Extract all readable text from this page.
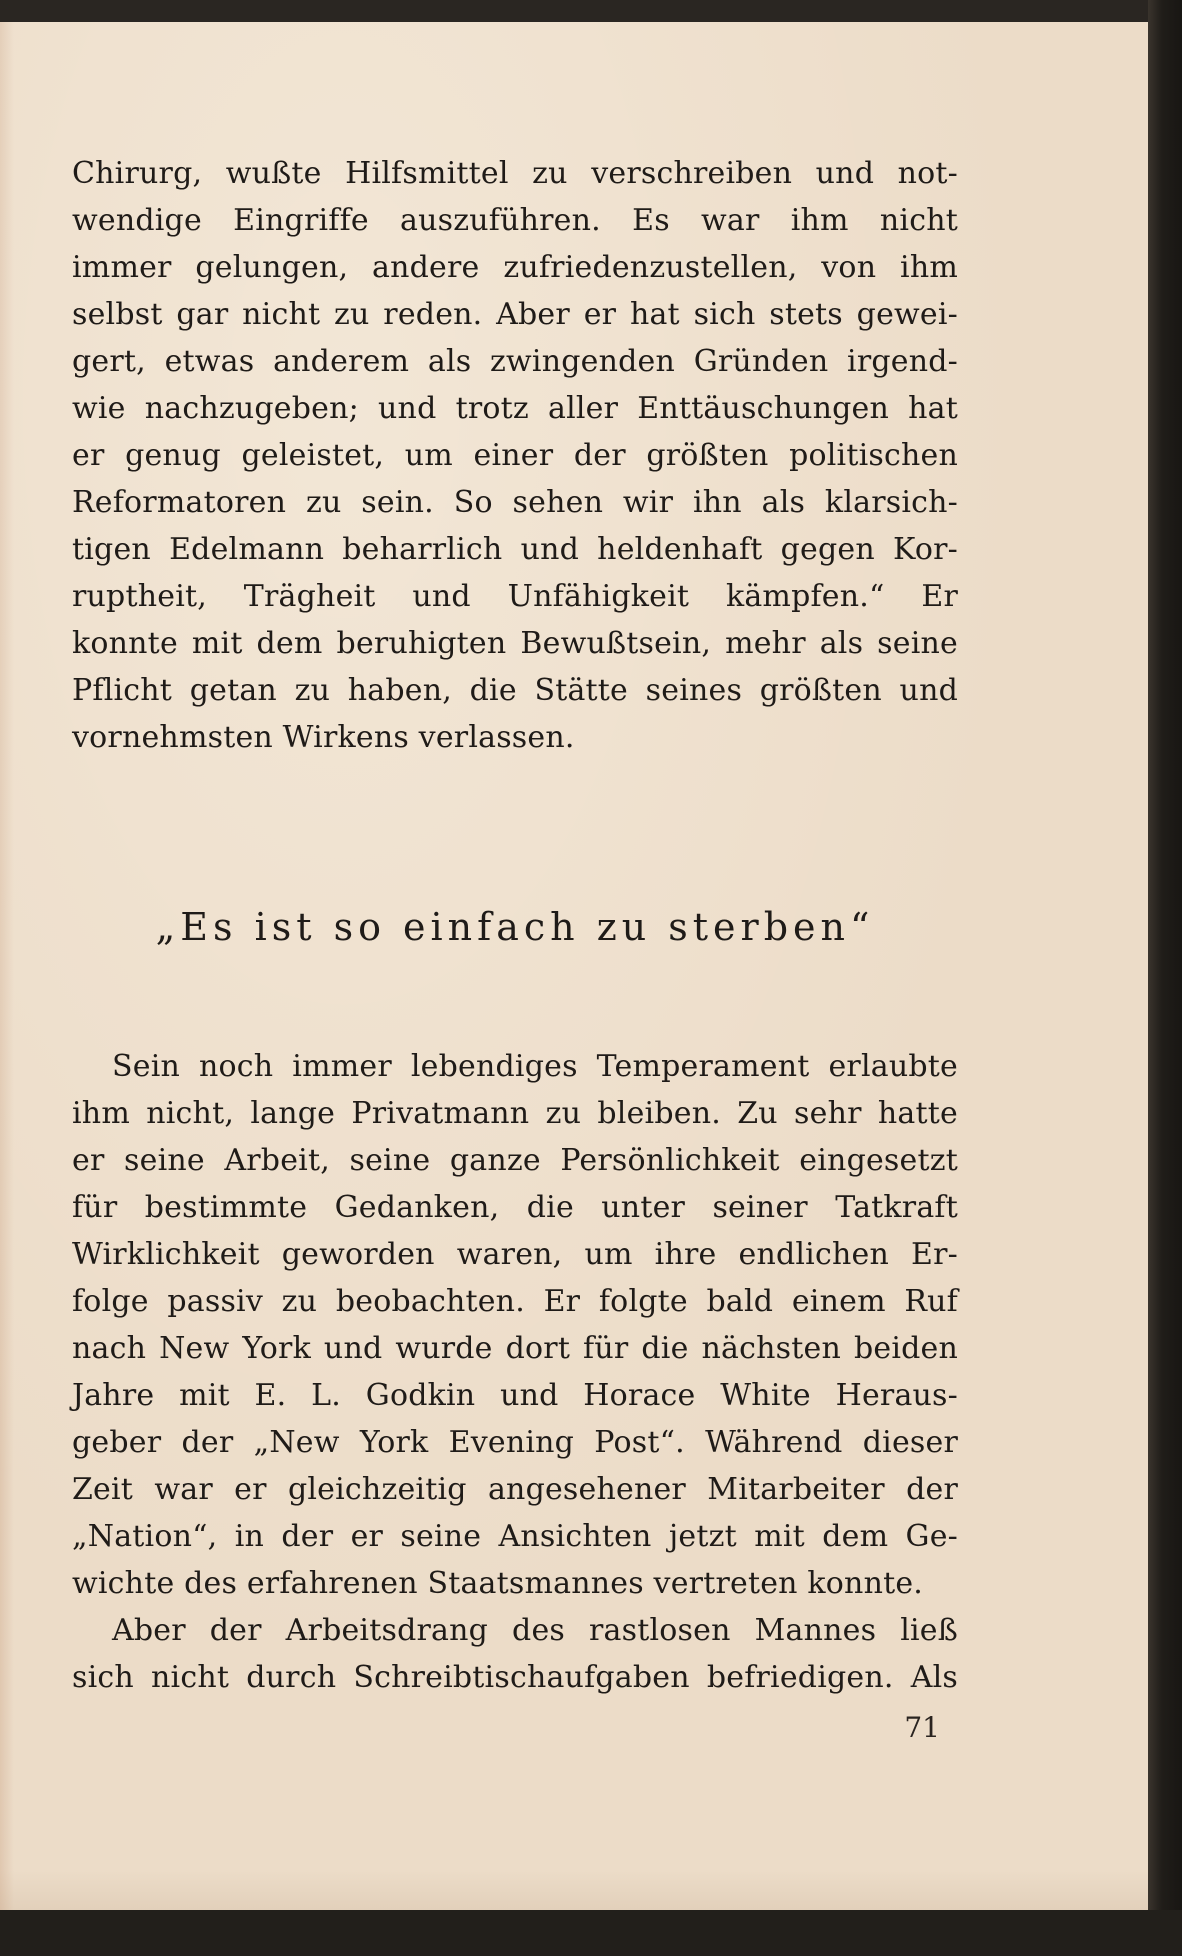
Chirurg, wußte Hilfsmittel zu verschreiben und not-
wendige Eingriffe auszuführen. Es war ihm nicht
immer gelungen, andere zufriedenzustellen, von ihm
selbst gar nicht zu reden. Aber er hat sich stets gewei-
gert, etwas anderem als zwingenden Gründen irgend-
wie nachzugeben; und trotz aller Enttäuschungen hat
er genug geleistet, um einer der größten politischen
Reformatoren zu sein. So sehen wir ihn als klarsich-
tigen Edelmann beharrlich und heldenhaft gegen Kor-
ruptheit, Trägheit und Unfähigkeit kämpfen.“ Er
konnte mit dem beruhigten Bewußtsein, mehr als seine
Pflicht getan zu haben, die Stätte seines größten und
vornehmsten Wirkens verlassen.
„Es ist so einfach zu sterben“
Sein noch immer lebendiges Temperament erlaubte
ihm nicht, lange Privatmann zu bleiben. Zu sehr hatte
er seine Arbeit, seine ganze Persönlichkeit eingesetzt
für bestimmte Gedanken, die unter seiner Tatkraft
Wirklichkeit geworden waren, um ihre endlichen Er-
folge passiv zu beobachten. Er folgte bald einem Ruf
nach New York und wurde dort für die nächsten beiden
Jahre mit E. L. Godkin und Horace White Heraus-
geber der „New York Evening Post“. Während dieser
Zeit war er gleichzeitig angesehener Mitarbeiter der
„Nation“, in der er seine Ansichten jetzt mit dem Ge-
wichte des erfahrenen Staatsmannes vertreten konnte.
Aber der Arbeitsdrang des rastlosen Mannes ließ
sich nicht durch Schreibtischaufgaben befriedigen. Als
71
